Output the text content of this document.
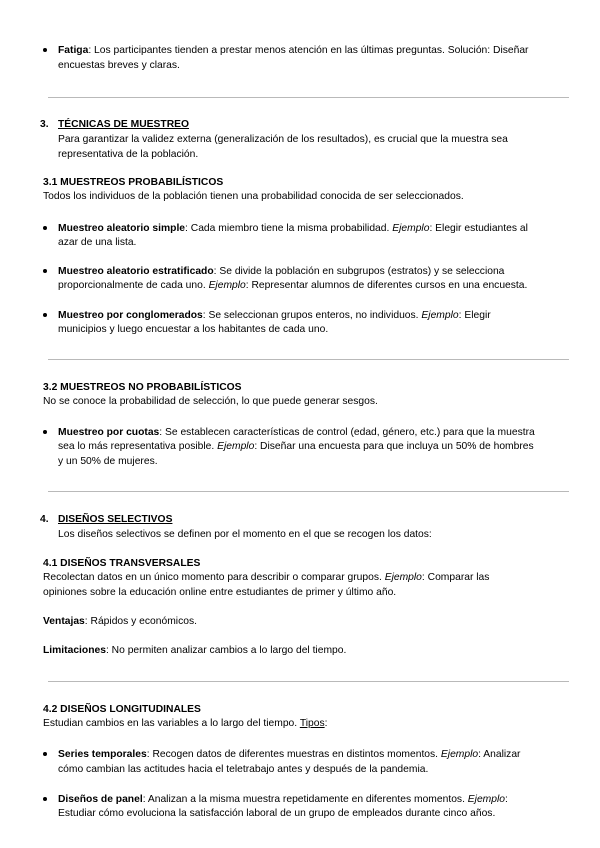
Fatiga: Los participantes tienden a prestar menos atención en las últimas preguntas. Solución: Diseñar
encuestas breves y claras.
3. TÉCNICAS DE MUESTREO
Para garantizar la validez externa (generalización de los resultados), es crucial que la muestra sea
representativa de la población.
3.1 MUESTREOS PROBABILÍSTICOS
Todos los individuos de la población tienen una probabilidad conocida de ser seleccionados.
Muestreo aleatorio simple: Cada miembro tiene la misma probabilidad. Ejemplo: Elegir estudiantes al
azar de una lista.
Muestreo aleatorio estratificado: Se divide la población en subgrupos (estratos) y se selecciona
proporcionalmente de cada uno. Ejemplo: Representar alumnos de diferentes cursos en una encuesta.
Muestreo por conglomerados: Se seleccionan grupos enteros, no individuos. Ejemplo: Elegir
municipios y luego encuestar a los habitantes de cada uno.
3.2 MUESTREOS NO PROBABILÍSTICOS
No se conoce la probabilidad de selección, lo que puede generar sesgos.
Muestreo por cuotas: Se establecen características de control (edad, género, etc.) para que la muestra
sea lo más representativa posible. Ejemplo: Diseñar una encuesta para que incluya un 50% de hombres
y un 50% de mujeres.
4. DISEÑOS SELECTIVOS
Los diseños selectivos se definen por el momento en el que se recogen los datos:
4.1 DISEÑOS TRANSVERSALES
Recolectan datos en un único momento para describir o comparar grupos. Ejemplo: Comparar las
opiniones sobre la educación online entre estudiantes de primer y último año.
Ventajas: Rápidos y económicos.
Limitaciones: No permiten analizar cambios a lo largo del tiempo.
4.2 DISEÑOS LONGITUDINALES
Estudian cambios en las variables a lo largo del tiempo. Tipos:
Series temporales: Recogen datos de diferentes muestras en distintos momentos. Ejemplo: Analizar
cómo cambian las actitudes hacia el teletrabajo antes y después de la pandemia.
Diseños de panel: Analizan a la misma muestra repetidamente en diferentes momentos. Ejemplo:
Estudiar cómo evoluciona la satisfacción laboral de un grupo de empleados durante cinco años.
